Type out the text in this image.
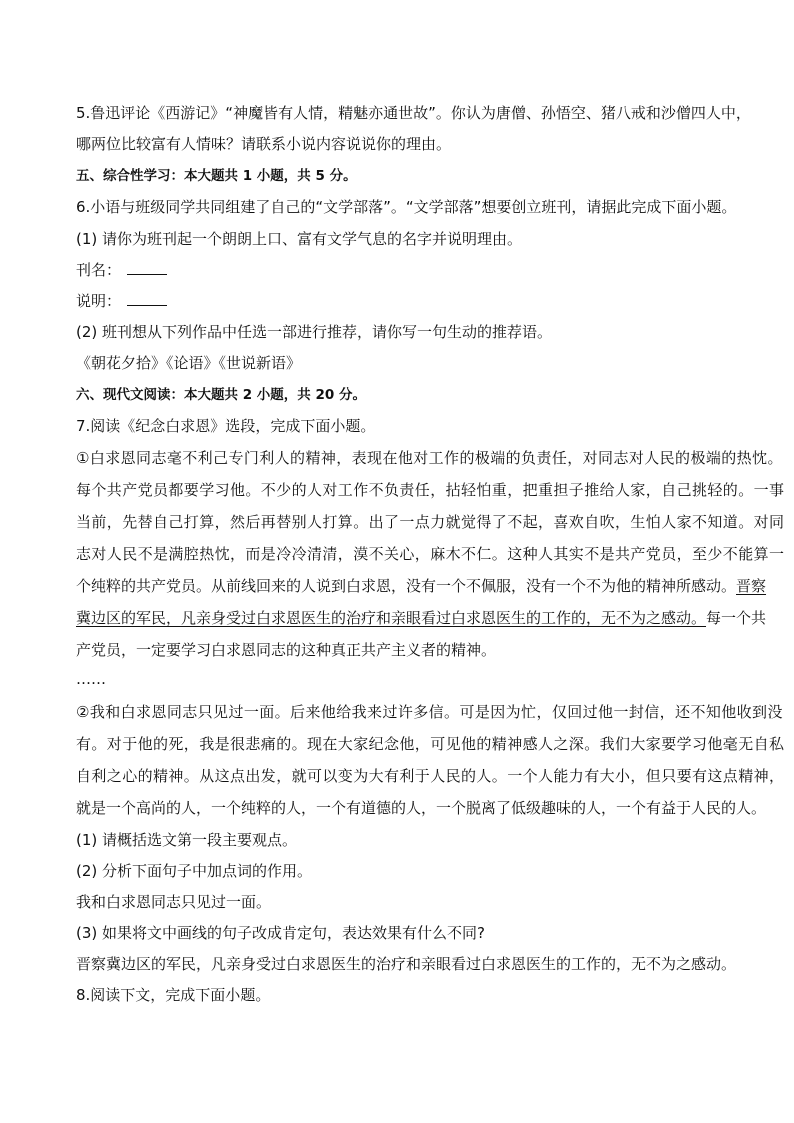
5.鲁迅评论《西游记》“神魔皆有人情，精魅亦通世故”。你认为唐僧、孙悟空、猪八戒和沙僧四人中，
哪两位比较富有人情味？请联系小说内容说说你的理由。
五、综合性学习：本大题共 1 小题，共 5 分。
6.小语与班级同学共同组建了自己的“文学部落”。“文学部落”想要创立班刊，请据此完成下面小题。
(1) 请你为班刊起一个朗朗上口、富有文学气息的名字并说明理由。
刊名：
说明：
(2) 班刊想从下列作品中任选一部进行推荐，请你写一句生动的推荐语。
《朝花夕拾》《论语》《世说新语》
六、现代文阅读：本大题共 2 小题，共 20 分。
7.阅读《纪念白求恩》选段，完成下面小题。
①白求恩同志毫不利己专门利人的精神，表现在他对工作的极端的负责任，对同志对人民的极端的热忱。
每个共产党员都要学习他。不少的人对工作不负责任，拈轻怕重，把重担子推给人家，自己挑轻的。一事
当前，先替自己打算，然后再替别人打算。出了一点力就觉得了不起，喜欢自吹，生怕人家不知道。对同
志对人民不是满腔热忱，而是冷冷清清，漠不关心，麻木不仁。这种人其实不是共产党员，至少不能算一
个纯粹的共产党员。从前线回来的人说到白求恩，没有一个不佩服，没有一个不为他的精神所感动。晋察
冀边区的军民，凡亲身受过白求恩医生的治疗和亲眼看过白求恩医生的工作的，无不为之感动。每一个共
产党员，一定要学习白求恩同志的这种真正共产主义者的精神。
……
②我和白求恩同志只见过一面。后来他给我来过许多信。可是因为忙，仅回过他一封信，还不知他收到没
有。对于他的死，我是很悲痛的。现在大家纪念他，可见他的精神感人之深。我们大家要学习他毫无自私
自利之心的精神。从这点出发，就可以变为大有利于人民的人。一个人能力有大小，但只要有这点精神，
就是一个高尚的人，一个纯粹的人，一个有道德的人，一个脱离了低级趣味的人，一个有益于人民的人。
(1) 请概括选文第一段主要观点。
(2) 分析下面句子中加点词的作用。
我和白求恩同志只见过一面。
(3) 如果将文中画线的句子改成肯定句，表达效果有什么不同?
晋察冀边区的军民，凡亲身受过白求恩医生的治疗和亲眼看过白求恩医生的工作的，无不为之感动。
8.阅读下文，完成下面小题。
